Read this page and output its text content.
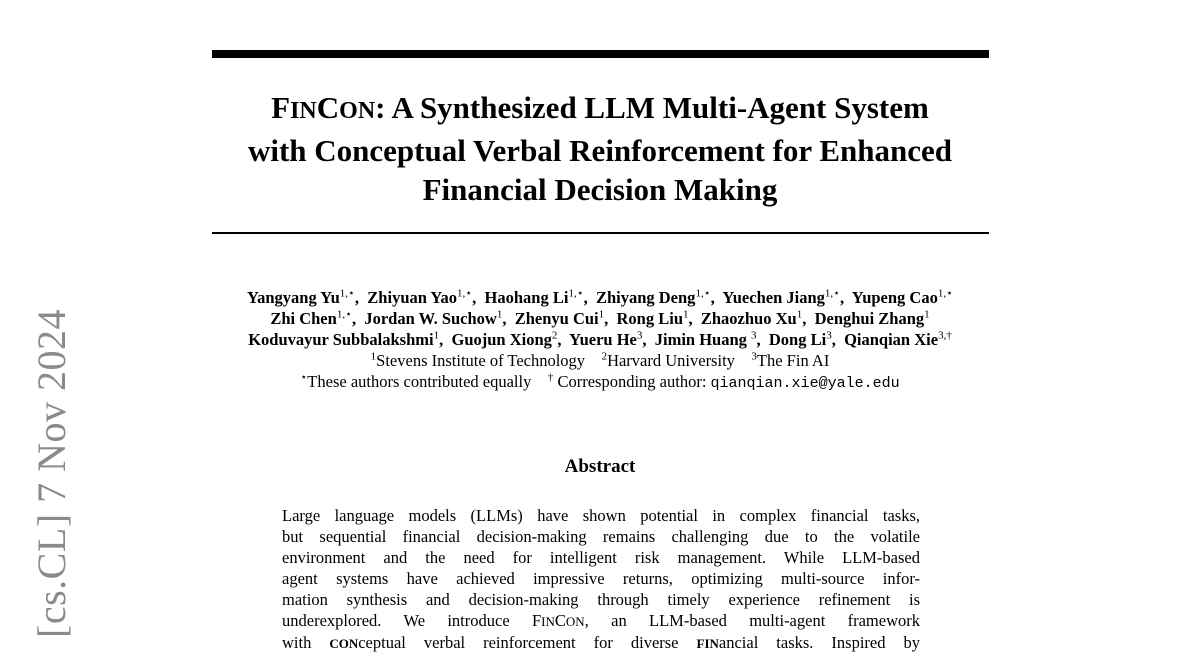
[cs.CL] 7 Nov 2024
FINCON: A Synthesized LLM Multi-Agent System
with Conceptual Verbal Reinforcement for Enhanced
Financial Decision Making
Yangyang $Yu^{1,⋆}$,  Zhiyuan Yao$^{1,⋆}$,  Haohang $Li^{1,⋆}$,  Zhiyang Deng$^{1,⋆}$,  Yuechen Jiang$^{1,⋆}$,  Yupeng Cao$^{1,⋆}$
Zhi Chen$^{1,⋆}$,  Jordan W. Suchow$^1$,  Zhenyu Cui$^1$,  Rong Liu$^1$,  Zhaozhuo Xu$^1$,  Denghui Zhang$^1$
Koduvayur Subbalakshmi$^1$,  Guojun Xiong$^2$,  Yueru He$^3$,  Jimin Huang $^3$,  Dong Li$^3$,  Qianqian Xie$^{3,\dagger}$
$^1$Stevens Institute of Technology $^2$Harvard University $^3$The Fin AI
⋆These authors contributed equally † Corresponding author: qianqian.xie@yale.edu
Abstract
Large language models (LLMs) have shown potential in complex financial tasks,
but sequential financial decision-making remains challenging due to the volatile
environment and the need for intelligent risk management. While LLM-based
agent systems have achieved impressive returns, optimizing multi-source infor-
mation synthesis and decision-making through timely experience refinement is
underexplored. We introduce FINCON, an LLM-based multi-agent framework
with CONceptual verbal reinforcement for diverse FINancial tasks. Inspired by
